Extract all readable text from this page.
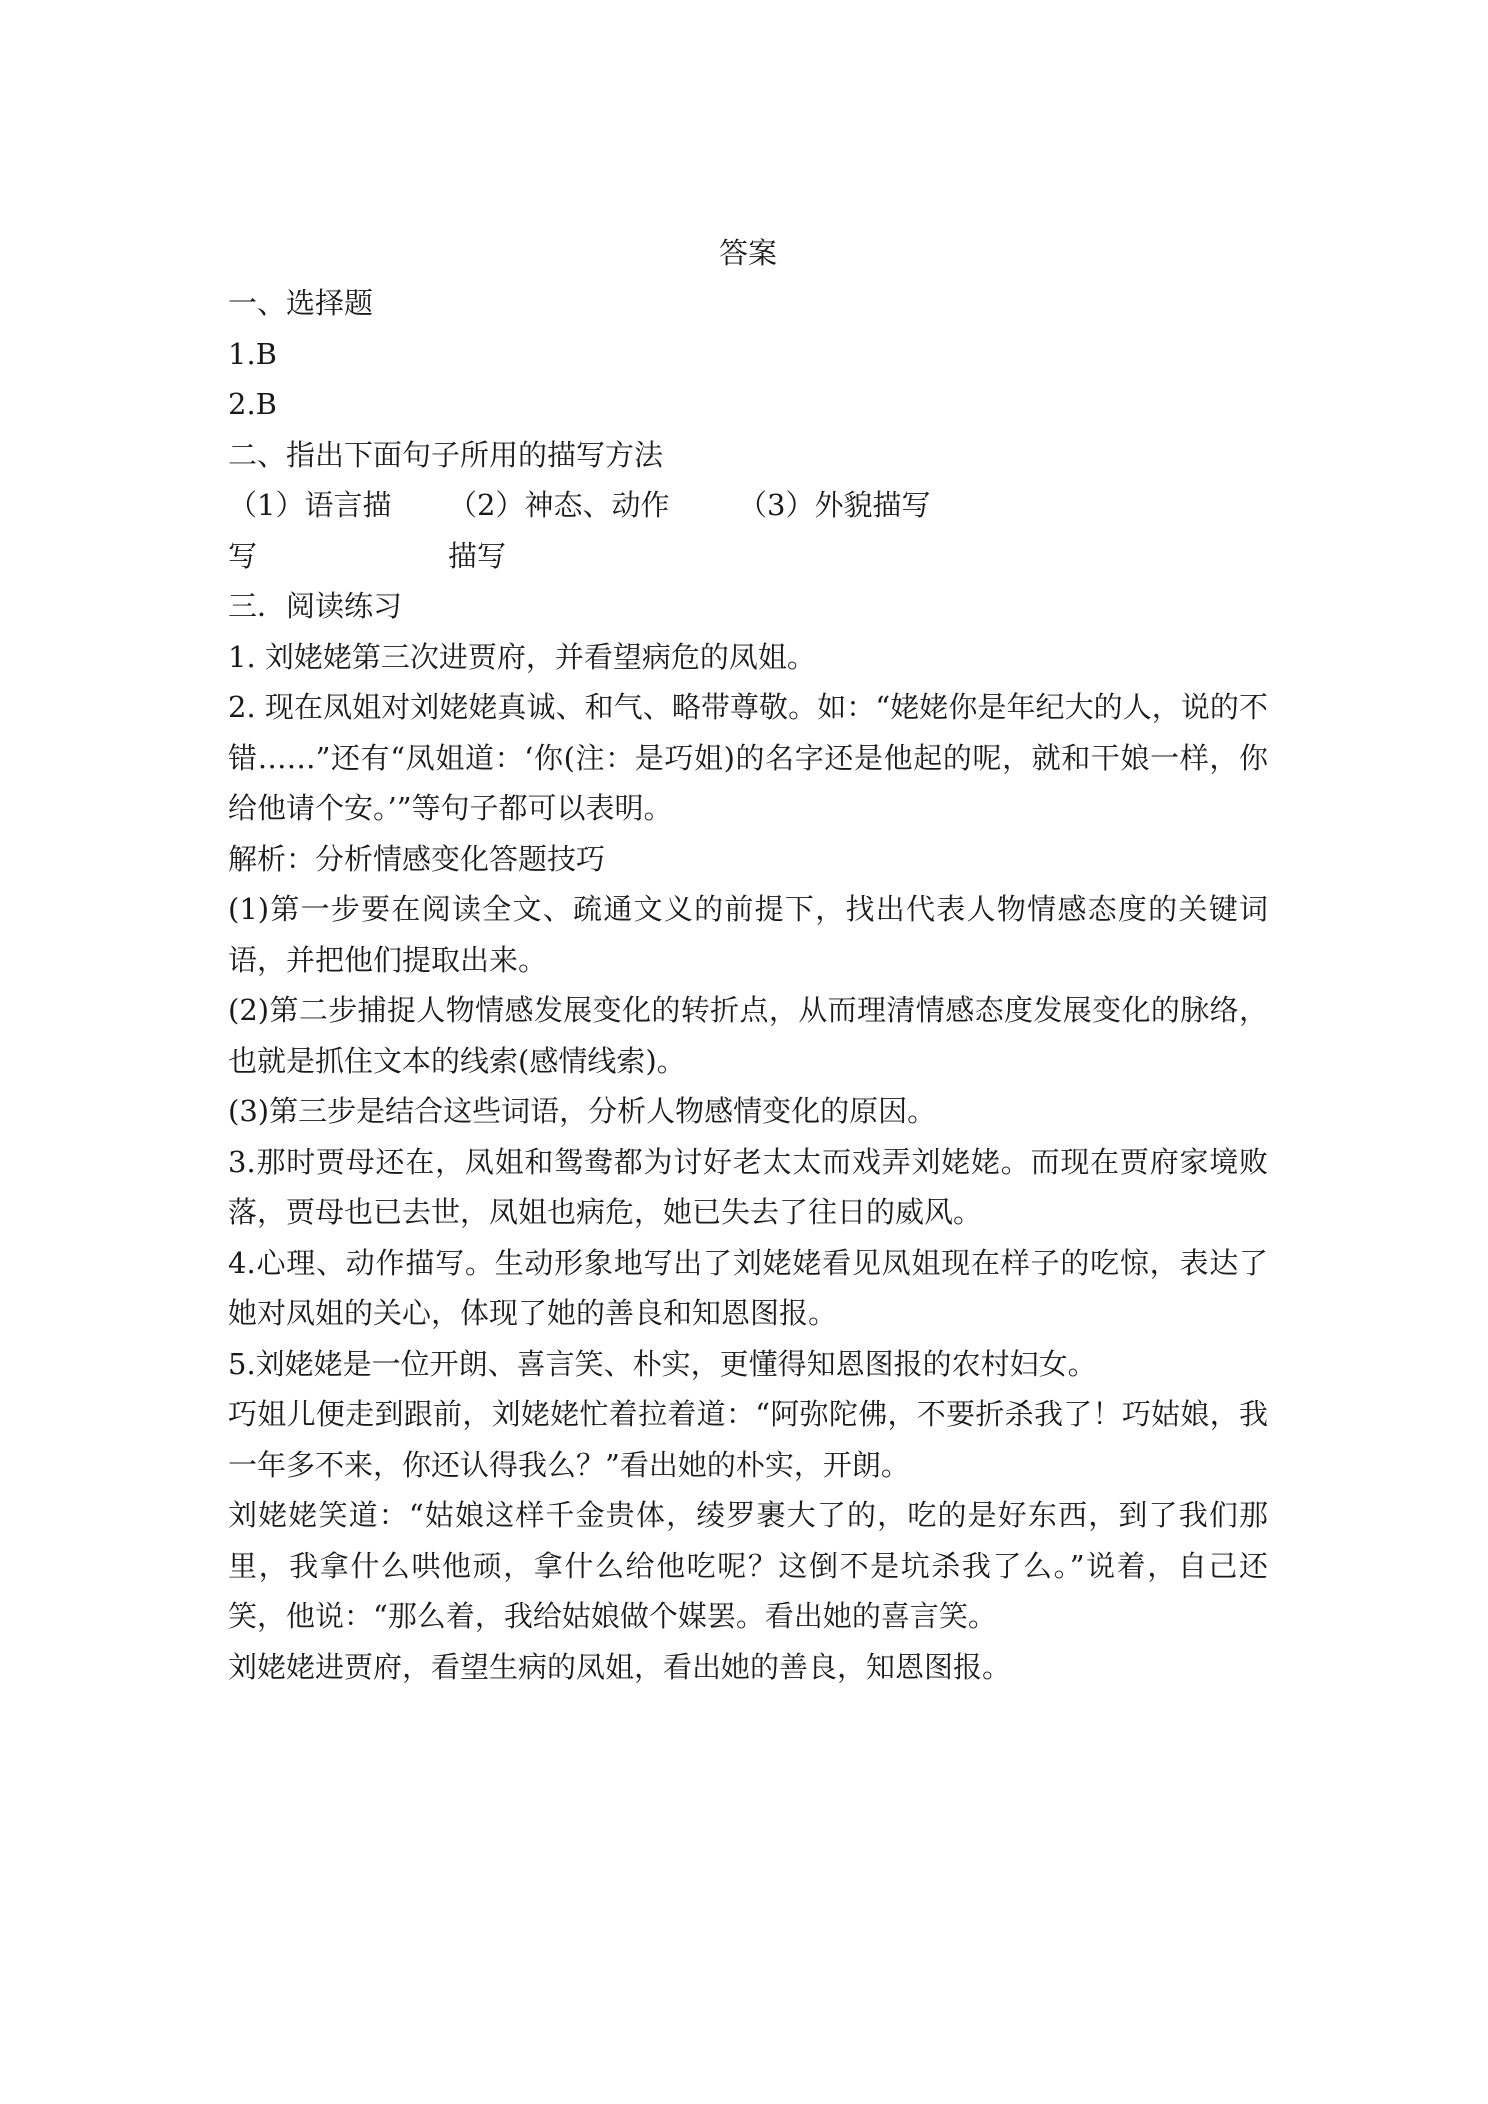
答案

一、选择题

1.B

2.B

二、指出下面句子所用的描写方法

（1）语言描写
（2）神态、动作描写
（3）外貌描写

三．阅读练习

1. 刘姥姥第三次进贾府，并看望病危的凤姐。

2. 现在凤姐对刘姥姥真诚、和气、略带尊敬。如：“姥姥你是年纪大的人，说的不错……”还有“凤姐道：‘你(注：是巧姐)的名字还是他起的呢，就和干娘一样，你给他请个安。’”等句子都可以表明。

解析：分析情感变化答题技巧

(1)第一步要在阅读全文、疏通文义的前提下，找出代表人物情感态度的关键词语，并把他们提取出来。

(2)第二步捕捉人物情感发展变化的转折点，从而理清情感态度发展变化的脉络，也就是抓住文本的线索(感情线索)。

(3)第三步是结合这些词语，分析人物感情变化的原因。

3.那时贾母还在，凤姐和鸳鸯都为讨好老太太而戏弄刘姥姥。而现在贾府家境败落，贾母也已去世，凤姐也病危，她已失去了往日的威风。

4.心理、动作描写。生动形象地写出了刘姥姥看见凤姐现在样子的吃惊，表达了她对凤姐的关心，体现了她的善良和知恩图报。

5.刘姥姥是一位开朗、喜言笑、朴实，更懂得知恩图报的农村妇女。

巧姐儿便走到跟前，刘姥姥忙着拉着道：“阿弥陀佛，不要折杀我了！巧姑娘，我一年多不来，你还认得我么？”看出她的朴实，开朗。

刘姥姥笑道：“姑娘这样千金贵体，绫罗裹大了的，吃的是好东西，到了我们那里，我拿什么哄他顽，拿什么给他吃呢？这倒不是坑杀我了么。”说着，自己还笑，他说：“那么着，我给姑娘做个媒罢。看出她的喜言笑。

刘姥姥进贾府，看望生病的凤姐，看出她的善良，知恩图报。
